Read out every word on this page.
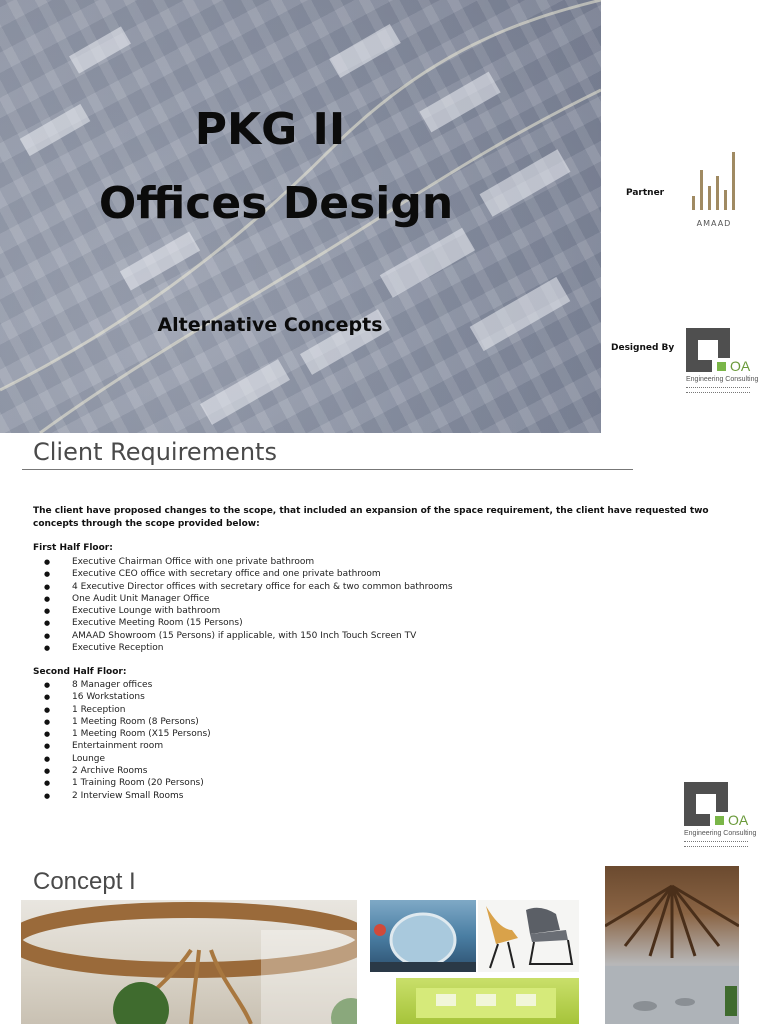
PKG II
Offices Design
Alternative Concepts
Partner
AMAAD
Designed By
OA
Engineering Consulting
Client Requirements
The client have proposed changes to the scope, that included an expansion of the space requirement, the client have requested two concepts through the scope provided below:
First Half Floor:
● Executive Chairman Office with one private bathroom
● Executive CEO office with secretary office and one private bathroom
● 4 Executive Director offices with secretary office for each & two common bathrooms
● One Audit Unit Manager Office
● Executive Lounge with bathroom
● Executive Meeting Room (15 Persons)
● AMAAD Showroom (15 Persons) if applicable, with 150 Inch Touch Screen TV
● Executive Reception
Second Half Floor:
● 8 Manager offices
● 16 Workstations
● 1 Reception
● 1 Meeting Room (8 Persons)
● 1 Meeting Room (X15 Persons)
● Entertainment room
● Lounge
● 2 Archive Rooms
● 1 Training Room (20 Persons)
● 2 Interview Small Rooms
OA
Engineering Consulting
Concept I
